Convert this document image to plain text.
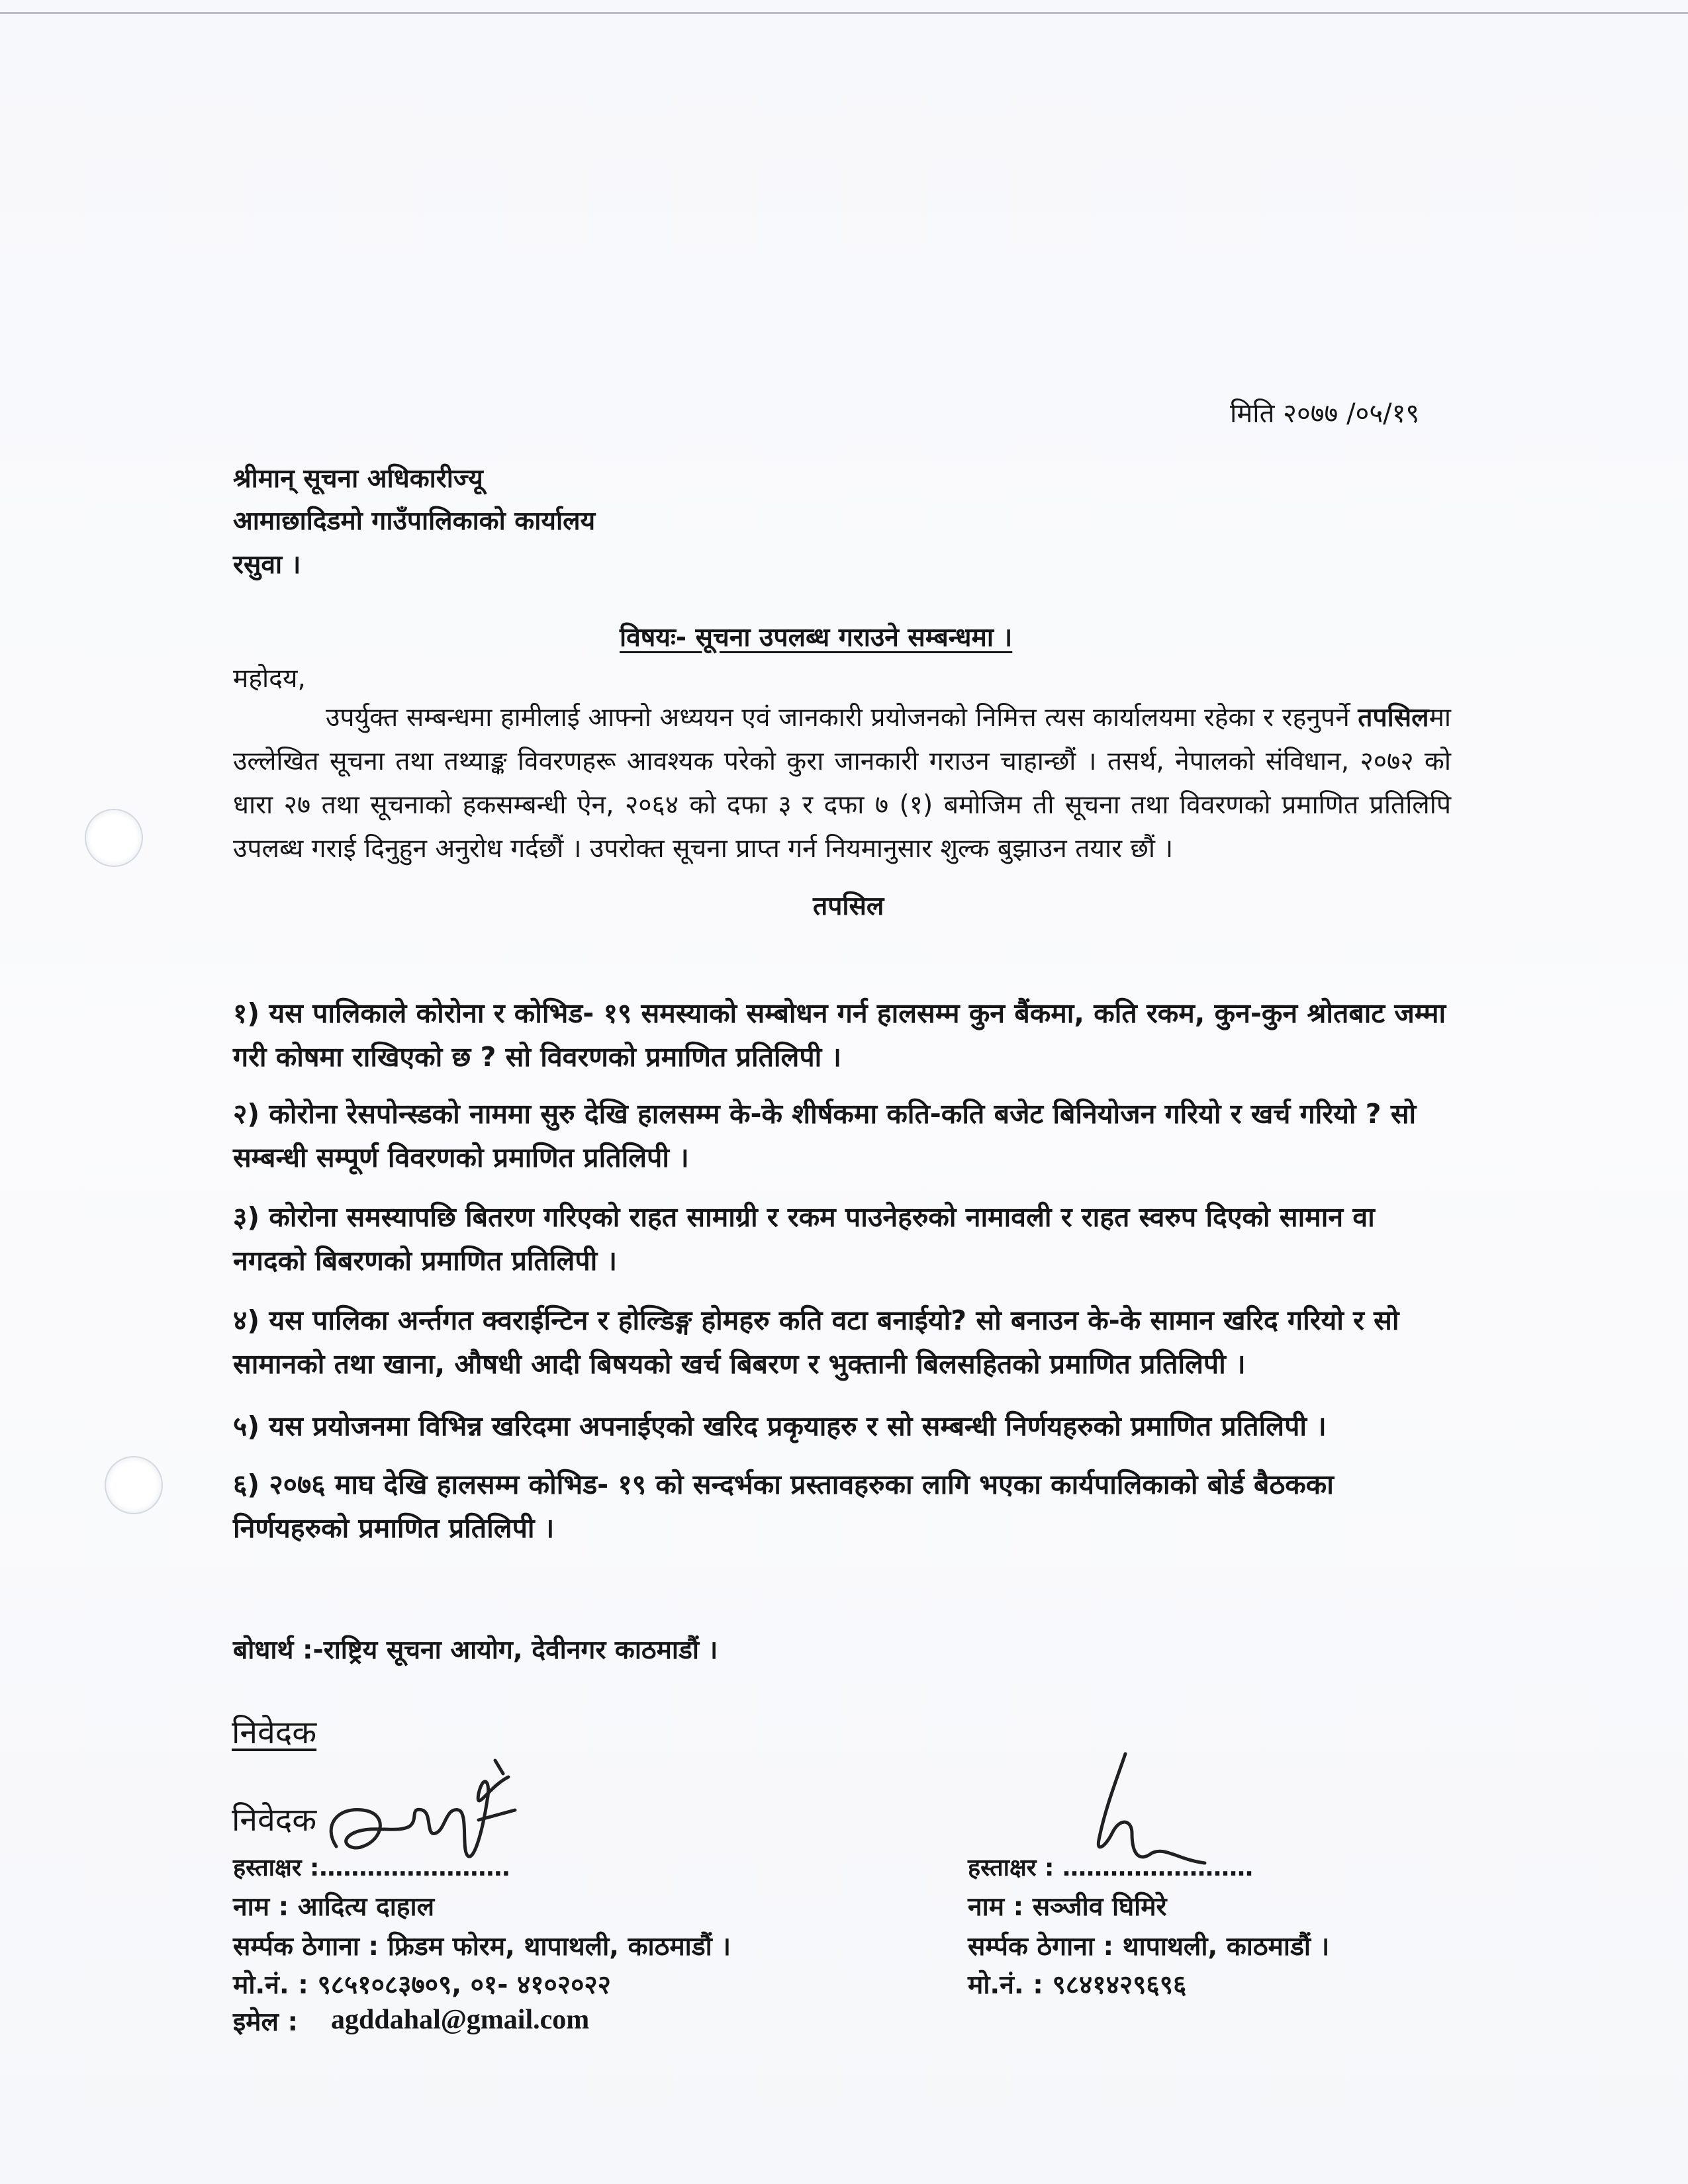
मिति २०७७ /०५/१९
श्रीमान् सूचना अधिकारीज्यू
आमाछादिडमो गाउँपालिकाको कार्यालय
रसुवा ।
विषयः- सूचना उपलब्ध गराउने सम्बन्धमा ।
महोदय,
उपर्युक्त सम्बन्धमा हामीलाई आफ्नो अध्ययन एवं जानकारी प्रयोजनको निमित्त त्यस कार्यालयमा रहेका र रहनुपर्ने तपसिलमा उल्लेखित सूचना तथा तथ्याङ्क विवरणहरू आवश्यक परेको कुरा जानकारी गराउन चाहान्छौं । तसर्थ, नेपालको संविधान, २०७२ को धारा २७ तथा सूचनाको हकसम्बन्धी ऐन, २०६४ को दफा ३ र दफा ७ (१) बमोजिम ती सूचना तथा विवरणको प्रमाणित प्रतिलिपि उपलब्ध गराई दिनुहुन अनुरोध गर्दछौं । उपरोक्त सूचना प्राप्त गर्न नियमानुसार शुल्क बुझाउन तयार छौं ।
तपसिल
१) यस पालिकाले कोरोना र कोभिड- १९ समस्याको सम्बोधन गर्न हालसम्म कुन बैंकमा, कति रकम, कुन-कुन श्रोतबाट जम्मा गरी कोषमा राखिएको छ ? सो विवरणको प्रमाणित प्रतिलिपी ।
२) कोरोना रेसपोन्स्डको नाममा सुरु देखि हालसम्म के-के शीर्षकमा कति-कति बजेट बिनियोजन गरियो र खर्च गरियो ? सो सम्बन्धी सम्पूर्ण विवरणको प्रमाणित प्रतिलिपी ।
३) कोरोना समस्यापछि बितरण गरिएको राहत सामाग्री र रकम पाउनेहरुको नामावली र राहत स्वरुप दिएको सामान वा नगदको बिबरणको प्रमाणित प्रतिलिपी ।
४) यस पालिका अर्न्तगत क्वराईन्टिन र होल्डिङ्ग होमहरु कति वटा बनाईयो? सो बनाउन के-के सामान खरिद गरियो र सो सामानको तथा खाना, औषधी आदी बिषयको खर्च बिबरण र भुक्तानी बिलसहितको प्रमाणित प्रतिलिपी ।
५) यस प्रयोजनमा विभिन्न खरिदमा अपनाईएको खरिद प्रकृयाहरु र सो सम्बन्धी निर्णयहरुको प्रमाणित प्रतिलिपी ।
६) २०७६ माघ देखि हालसम्म कोभिड- १९ को सन्दर्भका प्रस्तावहरुका लागि भएका कार्यपालिकाको बोर्ड बैठकका निर्णयहरुको प्रमाणित प्रतिलिपी ।
बोधार्थ :-राष्ट्रिय सूचना आयोग, देवीनगर काठमाडौं ।
निवेदक
निवेदक
हस्ताक्षर :……………………
नाम : आदित्य दाहाल
सर्म्पक ठेगाना : फ्रिडम फोरम, थापाथली, काठमाडौं ।
मो.नं. : ९८५१०८३७०९, ०१- ४१०२०२२
इमेल : agddahal@gmail.com
हस्ताक्षर : ……………………
नाम : सञ्जीव घिमिरे
सर्म्पक ठेगाना : थापाथली, काठमाडौं ।
मो.नं. : ९८४१४२९६९६
